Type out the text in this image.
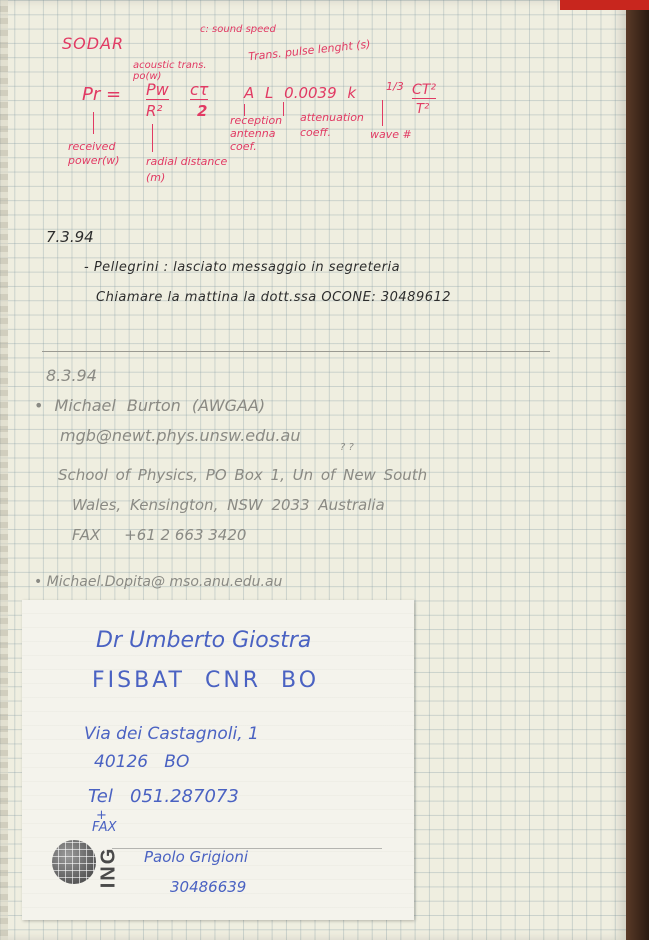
SODAR
c: sound speed
acoustic trans. po(w)
Trans. pulse lenght (s)
Pr = Pw
R²
cτ
2
A L 0.0039 k	1/3 CT²
T²
received power(w)	radial distance (m)
reception antenna coef.
attenuation coeff.	wave #
7.3.94
- Pellegrini : lasciato messaggio in segreteria
Chiamare la mattina la dott.ssa OCONE: 30489612
8.3.94
• Michael Burton (AWGAA)
mgb@newt.phys.unsw.edu.au
? ?
School of Physics, PO Box 1, Un of New South
Wales, Kensington, NSW 2033 Australia
FAX     +61 2 663 3420
• Michael.Dopita@ mso.anu.edu.au
Dr Umberto Giostra
FISBAT  CNR  BO
Via dei Castagnoli, 1
40126   BO
Tel   051.287073
+
FAX
ING Paolo Grigioni
30486639
